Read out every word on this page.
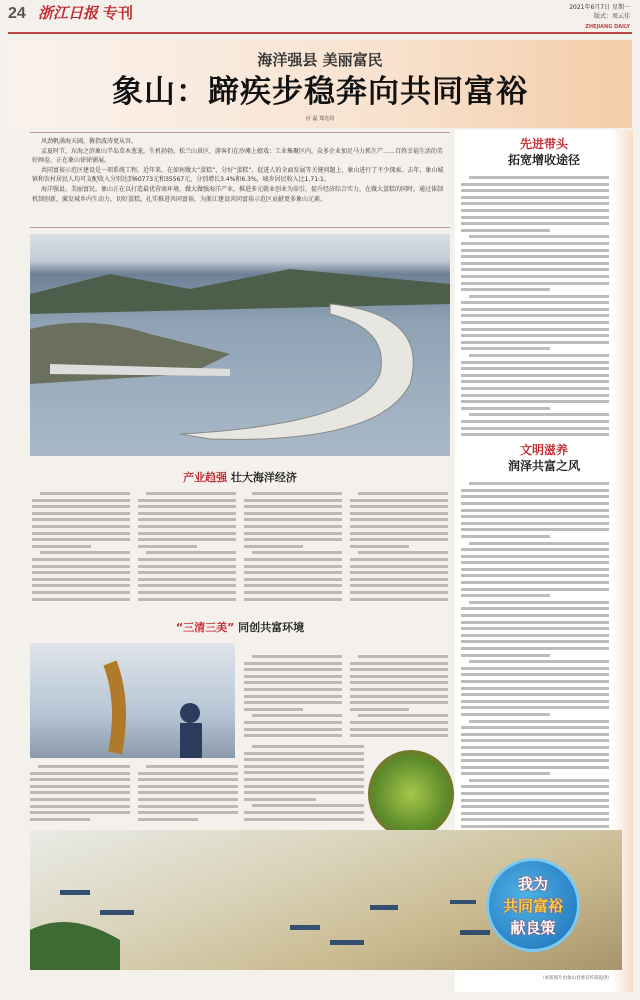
24 浙江日报 专刊	2021年6月7日 星期一
版式：周云佳
ZHEJIANG DAILY
海洋强县 美丽富民
象山：蹄疾步稳奔向共同富裕
应 磊 郑光周

风劲帆满海天阔，俯指波涛更从容。

孟夏时节，东海之滨象山半岛草木葱茏，生机勃勃。松兰山景区，游客们在沙滩上嬉戏；工业集聚区内，众多企业加足马力抓生产……百姓幸福生活的美好画卷，正在象山徐徐铺展。

共同富裕示范区建设是一项系统工程。近年来，在如何做大“蛋糕”、分好“蛋糕”、促进人的全面发展等关键问题上，象山进行了不少探索。去年，象山城镇和农村居民人均可支配收入分别达到60773元和35567元，分别增长3.4%和6.3%，城乡居民收入比1.71:1。

海洋强县，美丽富民。象山正在以打造最优营商环境，做大做强海洋产业，推进多元就业创业为牵引，提升经济综合实力，在做大蛋糕的同时，通过体制机制创新，激发城乡内生动力，切好蛋糕，扎实推进共同富裕，为浙江建设共同富裕示范区贡献更多象山元素。

产业趋强 壮大海洋经济
“三清三美” 同创共富环境
先进带头
拓宽增收途径
文明滋养
润泽共富之风
我为
共同富裕
献良策
（本版图片由象山县委宣传部提供）
